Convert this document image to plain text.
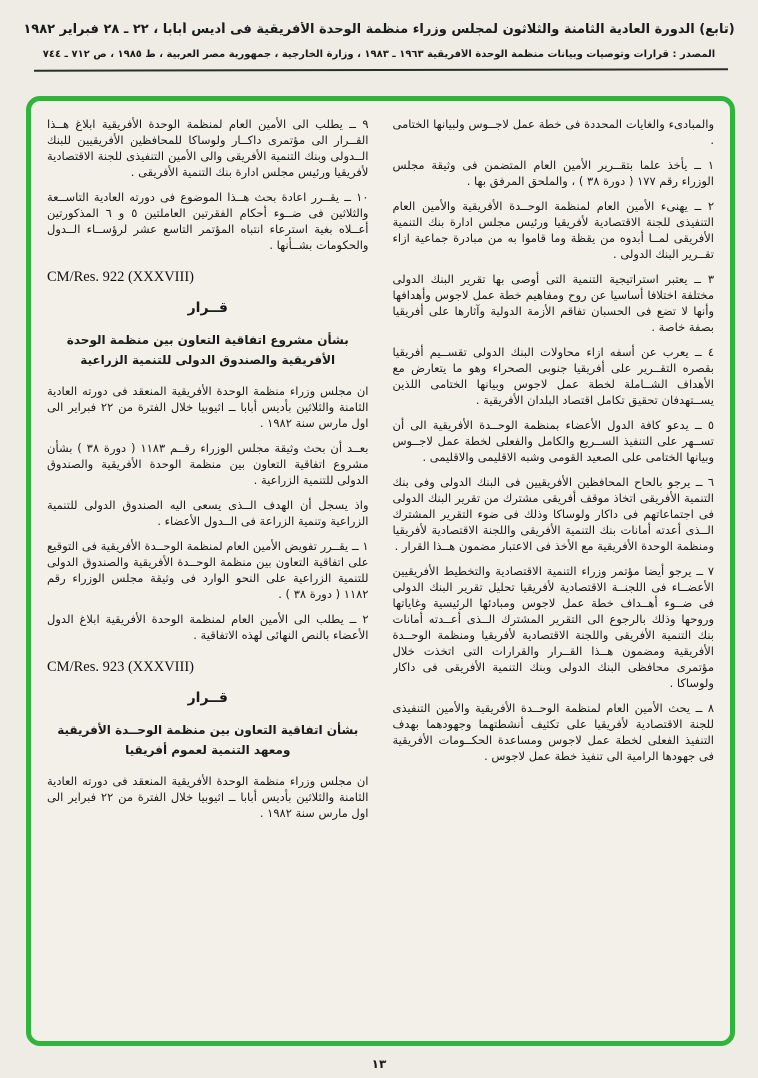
(تابع) الدورة العادية الثامنة والثلاثون لمجلس وزراء منظمة الوحدة الأفريقية فى أديس أبابا ، ٢٢ ـ ٢٨ فبراير ١٩٨٢
المصدر : قرارات وتوصيات وبيانات منظمة الوحدة الأفريقية ١٩٦٣ ـ ١٩٨٣ ، وزارة الخارجية ، جمهورية مصر العربية ، ط ١٩٨٥ ، ص ٧١٢ ـ ٧٤٤

والمبادىء والغايات المحددة فى خطة عمل لاجــوس ولبيانها الختامى .

١ ــ يأخذ علما بتقــرير الأمين العام المتضمن فى وثيقة مجلس الوزراء رقم ١٧٧ ( دورة ٣٨ ) ، والملحق المرفق بها .

٢ ــ يهنىء الأمين العام لمنظمة الوحــدة الأفريقية والأمين العام التنفيذى للجنة الاقتصادية لأفريقيا ورئيس مجلس ادارة بنك التنمية الأفريقى لمــا أبدوه من يقظة وما قاموا به من مبادرة جماعية ازاء تقــرير البنك الدولى .

٣ ــ يعتبر استراتيجية التنمية التى أوصى بها تقرير البنك الدولى مختلفة اختلافا أساسيا عن روح ومفاهيم خطة عمل لاجوس وأهدافها وأنها لا تضع فى الحسبان تفاقم الأزمة الدولية وآثارها على أفريقيا بصفة خاصة .

٤ ــ يعرب عن أسفه ازاء محاولات البنك الدولى تقســيم أفريقيا بقصره التقــرير على أفريقيا جنوبى الصحراء وهو ما يتعارض مع الأهداف الشــاملة لخطة عمل لاجوس وبيانها الختامى اللذين يســتهدفان تحقيق تكامل اقتصاد البلدان الأفريقية .

٥ ــ يدعو كافة الدول الأعضاء بمنظمة الوحــدة الأفريقية الى أن تســهر على التنفيذ الســريع والكامل والفعلى لخطة عمل لاجــوس وبيانها الختامى على الصعيد القومى وشبه الاقليمى والاقليمى .

٦ ــ يرجو بالحاح المحافظين الأفريقيين فى البنك الدولى وفى بنك التنمية الأفريقى اتخاذ موقف أفريقى مشترك من تقرير البنك الدولى فى اجتماعاتهم فى داكار ولوساكا وذلك فى ضوء التقرير المشترك الــذى أعدته أمانات بنك التنمية الأفريقى واللجنة الاقتصادية لأفريقيا ومنظمة الوحدة الأفريقية مع الأخذ فى الاعتبار مضمون هــذا القرار .

٧ ــ يرجو أيضا مؤتمر وزراء التنمية الاقتصادية والتخطيط الأفريقيين الأعضــاء فى اللجنــة الاقتصادية لأفريقيا تحليل تقرير البنك الدولى فى ضــوء أهــداف خطة عمل لاجوس ومبادئها الرئيسية وغاياتها وروحها وذلك بالرجوع الى التقرير المشترك الــذى أعــدته أمانات بنك التنمية الأفريقى واللجنة الاقتصادية لأفريقيا ومنظمة الوحــدة الأفريقية ومضمون هــذا القــرار والقرارات التى اتخذت خلال مؤتمرى محافظى البنك الدولى وبنك التنمية الأفريقى فى داكار ولوساكا .

٨ ــ يحث الأمين العام لمنظمة الوحــدة الأفريقية والأمين التنفيذى للجنة الاقتصادية لأفريقيا على تكثيف أنشطتهما وجهودهما بهدف التنفيذ الفعلى لخطة عمل لاجوس ومساعدة الحكــومات الأفريقية فى جهودها الرامية الى تنفيذ خطة عمل لاجوس .

٩ ــ يطلب الى الأمين العام لمنظمة الوحدة الأفريقية ابلاغ هــذا القــرار الى مؤتمرى داكــار ولوساكا للمحافظين الأفريقيين للبنك الــدولى وبنك التنمية الأفريقى والى الأمين التنفيذى للجنة الاقتصادية لأفريقيا ورئيس مجلس ادارة بنك التنمية الأفريقى .

١٠ ــ يقــرر اعادة بحث هــذا الموضوع فى دورته العادية التاســعة والثلاثين فى ضــوء أحكام الفقرتين العاملتين ٥ و ٦ المذكورتين أعــلاه بغية استرعاء انتباه المؤتمر التاسع عشر لرؤســاء الــدول والحكومات بشــأنها .

CM/Res. 922 (XXXVIII)
قــرار
بشأن مشروع اتفاقية التعاون بين منظمة الوحدة الأفريقية والصندوق الدولى للتنمية الزراعية

ان مجلس وزراء منظمة الوحدة الأفريقية المنعقد فى دورته العادية الثامنة والثلاثين بأديس أبابا ــ اثيوبيا خلال الفترة من ٢٢ فبراير الى اول مارس سنة ١٩٨٢ .

بعــد أن بحث وثيقة مجلس الوزراء رقــم ١١٨٣ ( دورة ٣٨ ) بشأن مشروع اتفاقية التعاون بين منظمة الوحدة الأفريقية والصندوق الدولى للتنمية الزراعية .

واذ يسجل أن الهدف الــذى يسعى اليه الصندوق الدولى للتنمية الزراعية وتنمية الزراعة فى الــدول الأعضاء .

١ ــ يقــرر تفويض الأمين العام لمنظمة الوحــدة الأفريقية فى التوقيع على اتفاقية التعاون بين منظمة الوحــدة الأفريقية والصندوق الدولى للتنمية الزراعية على النحو الوارد فى وثيقة مجلس الوزراء رقم ١١٨٢ ( دورة ٣٨ ) .

٢ ــ يطلب الى الأمين العام لمنظمة الوحدة الأفريقية ابلاغ الدول الأعضاء بالنص النهائى لهذه الاتفاقية .

CM/Res. 923 (XXXVIII)
قــرار
بشأن اتفاقية التعاون بين منظمة الوحــدة الأفريقية ومعهد التنمية لعموم أفريقيا

ان مجلس وزراء منظمة الوحدة الأفريقية المنعقد فى دورته العادية الثامنة والثلاثين بأديس أبابا ــ اثيوبيا خلال الفترة من ٢٢ فبراير الى اول مارس سنة ١٩٨٢ .

١٣
